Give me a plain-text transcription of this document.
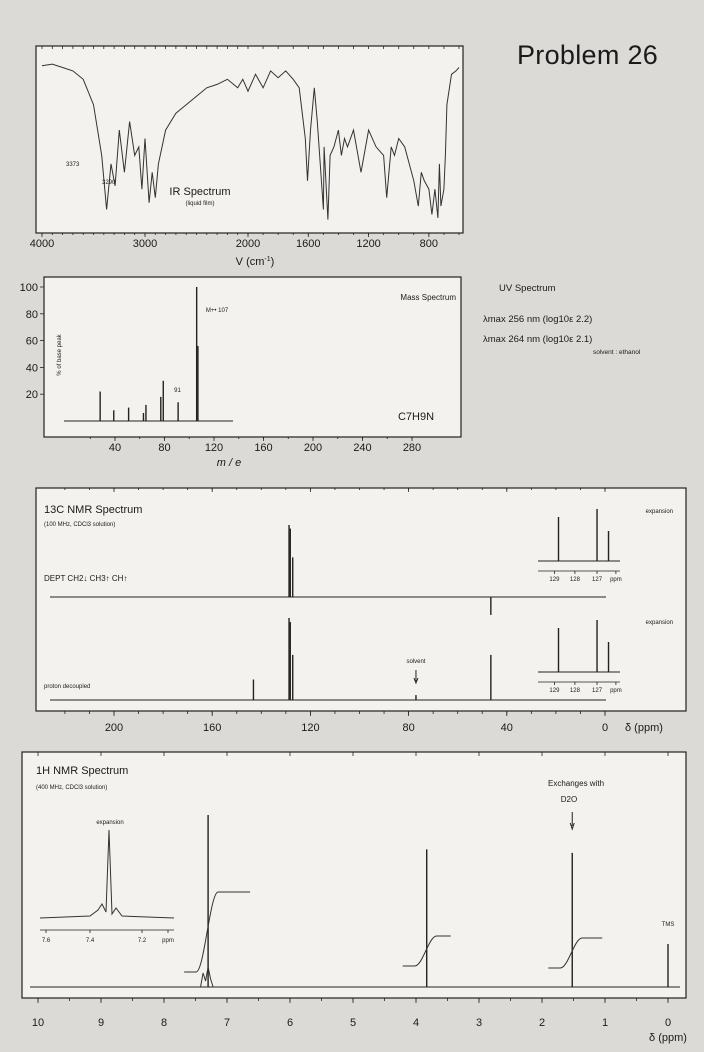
Problem 26
UV Spectrum
λmax 256 nm (log10ε 2.2)
λmax 264 nm (log10ε 2.1)
solvent : ethanol
4000	3000	2000	1600	1200	800
V $(cm^{-1})$
IR Spectrum
(liquid film)
3373
3290
40	80	120	160	200	240	280
100
80
60
40
20
m / e
% of base peak
Mass Spectrum
C7H9N
M+• 107
91
200	160	120	80	40	0 δ (ppm)
13C NMR Spectrum
(100 MHz, CDCl3 solution)
DEPT CH2↓ CH3↑ CH↑
proton decoupled
solvent
129 128 127 ppm
expansion
129 128 127 ppm
expansion
10	9	8	7	6	5	4	3	2	1	0
δ (ppm)
1H NMR Spectrum
(400 MHz, CDCl3 solution)	Exchanges with
D2O
TMS
7.6	7.4	7.2	ppm
expansion
